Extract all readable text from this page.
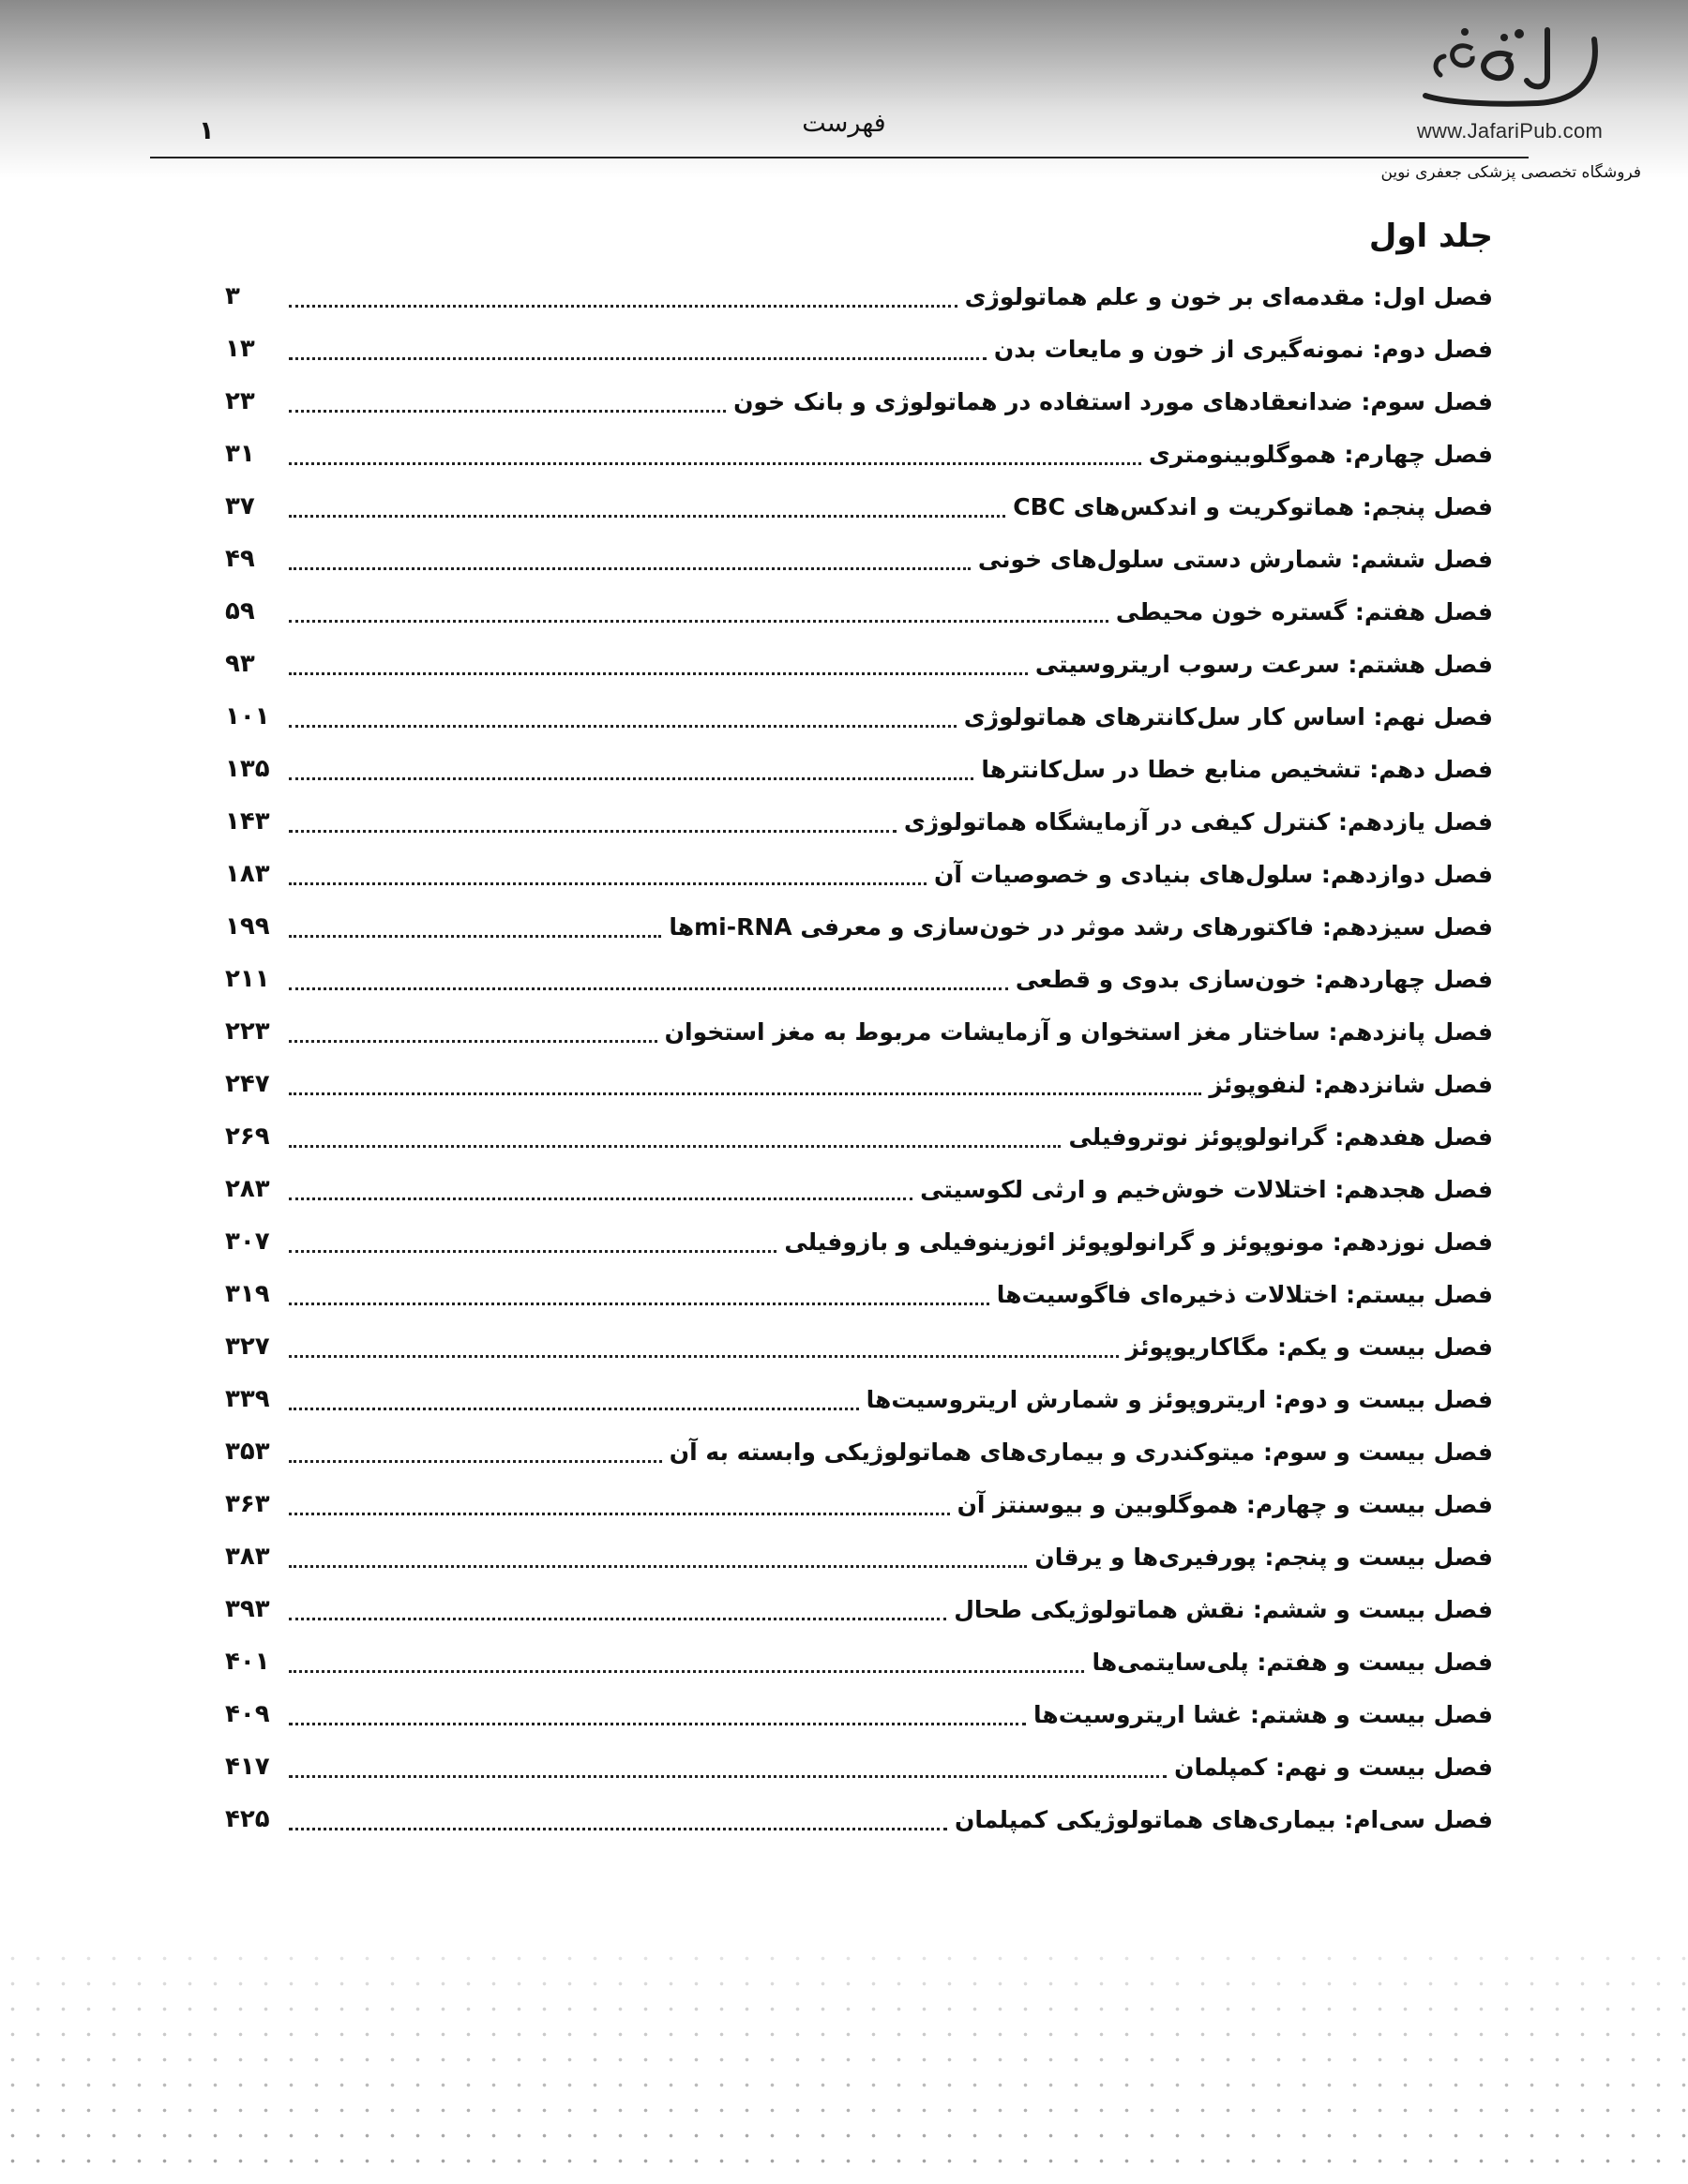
www.JafariPub.com
فهرست
۱
فروشگاه تخصصی پزشکی جعفری نوین
جلد اول
فصل اول: مقدمه‌ای بر خون و علم هماتولوژی
۳
فصل دوم: نمونه‌گیری از خون و مایعات بدن
۱۳
فصل سوم: ضدانعقادهای مورد استفاده در هماتولوژی و بانک خون
۲۳
فصل چهارم: هموگلوبینومتری
۳۱
فصل پنجم: هماتوکریت و اندکس‌های CBC
۳۷
فصل ششم: شمارش دستی سلول‌های خونی
۴۹
فصل هفتم: گستره خون محیطی
۵۹
فصل هشتم: سرعت رسوب اریتروسیتی
۹۳
فصل نهم: اساس کار سل‌کانترهای هماتولوژی
۱۰۱
فصل دهم: تشخیص منابع خطا در سل‌کانترها
۱۳۵
فصل یازدهم: کنترل کیفی در آزمایشگاه هماتولوژی
۱۴۳
فصل دوازدهم: سلول‌های بنیادی و خصوصیات آن
۱۸۳
فصل سیزدهم: فاکتورهای رشد موثر در خون‌سازی و معرفی mi-RNAها
۱۹۹
فصل چهاردهم: خون‌سازی بدوی و قطعی
۲۱۱
فصل پانزدهم: ساختار مغز استخوان و آزمایشات مربوط به مغز استخوان
۲۲۳
فصل شانزدهم: لنفوپوئز
۲۴۷
فصل هفدهم: گرانولوپوئز نوتروفیلی
۲۶۹
فصل هجدهم: اختلالات خوش‌خیم و ارثی لکوسیتی
۲۸۳
فصل نوزدهم: مونوپوئز و گرانولوپوئز ائوزینوفیلی و بازوفیلی
۳۰۷
فصل بیستم: اختلالات ذخیره‌ای فاگوسیت‌ها
۳۱۹
فصل بیست و یکم: مگاکاریوپوئز
۳۲۷
فصل بیست و دوم: اریتروپوئز و شمارش اریتروسیت‌ها
۳۳۹
فصل بیست و سوم: میتوکندری و بیماری‌های هماتولوژیکی وابسته به آن
۳۵۳
فصل بیست و چهارم: هموگلوبین و بیوسنتز آن
۳۶۳
فصل بیست و پنجم: پورفیری‌ها و یرقان
۳۸۳
فصل بیست و ششم: نقش هماتولوژیکی طحال
۳۹۳
فصل بیست و هفتم: پلی‌سایتمی‌ها
۴۰۱
فصل بیست و هشتم: غشا اریتروسیت‌ها
۴۰۹
فصل بیست و نهم: کمپلمان
۴۱۷
فصل سی‌ام: بیماری‌های هماتولوژیکی کمپلمان
۴۲۵
